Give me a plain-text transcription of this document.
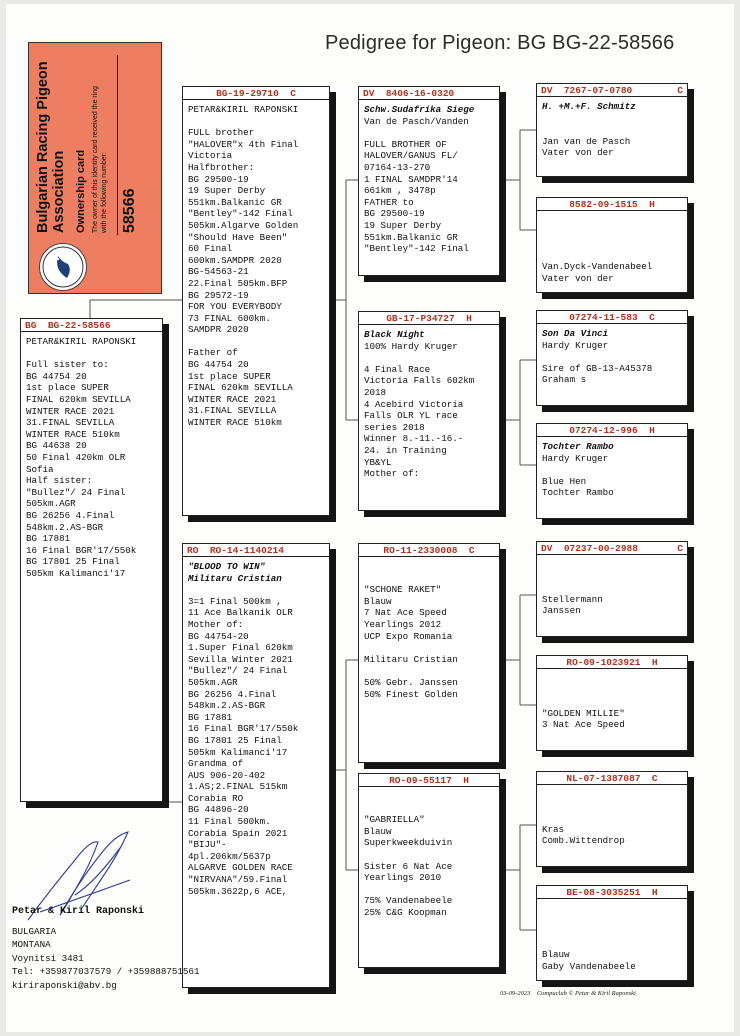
Pedigree for Pigeon: BG BG-22-58566
Bulgarian Racing Pigeon Association Ownership card The owner of this identity card received the ring with the following number: 58566
BG BG-22-58566
PETAR&KIRIL RAPONSKI
Full sister to:
BG 44754 20
1st place SUPER
FINAL 620km SEVILLA
WINTER RACE 2021
31.FINAL SEVILLA
WINTER RACE 510km
BG 44638 20
50 Final 420km OLR
Sofia
Half sister:
"Bullez"/ 24 Final
505km.AGR
BG 26256 4.Final
548km.2.AS-BGR
BG 17881
16 Final BGR'17/550k
BG 17801 25 Final
505km Kalimanci'17
BG-19-29710 C
PETAR&KIRIL RAPONSKI
FULL brother
"HALOVER"x 4th Final
Victoria
Halfbrother:
BG 29500-19
19 Super Derby
551km.Balkanic GR
"Bentley"-142 Final
505km.Algarve Golden
"Should Have Been"
60 Final
600km.SAMDPR 2020
BG-54563-21
22.Final 505km.BFP
BG 29572-19
FOR YOU EVERYBODY
73 FINAL 600km.
SAMDPR 2020
Father of
BG 44754 20
1st place SUPER
FINAL 620km SEVILLA
WINTER RACE 2021
31.FINAL SEVILLA
WINTER RACE 510km
RO RO-14-1140214
"BLOOD TO WIN"
Militaru Cristian
3=1 Final 500km ,
11 Ace Balkanik OLR
Mother of:
BG 44754-20
1.Super Final 620km
Sevilla Winter 2021
"Bullez"/ 24 Final
505km.AGR
BG 26256 4.Final
548km.2.AS-BGR
BG 17881
16 Final BGR'17/550k
BG 17801 25 Final
505km Kalimanci'17
Grandma of
AUS 906-20-402
1.AS;2.FINAL 515km
Corabia RO
BG 44896-20
11 Final 500km.
Corabia Spain 2021
"BIJU"-
4pl.206km/5637p
ALGARVE GOLDEN RACE
"NIRVANA"/59.Final
505km.3622p,6 ACE,
DV 8406-16-0320
Schw.Sudafrika Siege
Van de Pasch/Vanden
FULL BROTHER OF
HALOVER/GANUS FL/
07164-13-270
1 FINAL SAMDPR'14
661km , 3478p
FATHER to
BG 29500-19
19 Super Derby
551km.Balkanic GR
"Bentley"-142 Final
GB-17-P34727 H
Black Night
100% Hardy Kruger
4 Final Race
Victoria Falls 602km
2018
4 Acebird Victoria
Falls OLR YL race
series 2018
Winner 8.-11.-16.-
24. in Training
YB&YL
Mother of:
RO-11-2330008 C
"SCHONE RAKET"
Blauw
7 Nat Ace Speed
Yearlings 2012
UCP Expo Romania
Militaru Cristian
50% Gebr. Janssen
50% Finest Golden
RO-09-55117 H
"GABRIELLA"
Blauw
Superkweekduivin
Sister 6 Nat Ace
Yearlings 2010
75% Vandenabeele
25% C&G Koopman
DV 7267-07-0780	C
H. +M.+F. Schmitz
Jan van de Pasch
Vater von der
8582-09-1515 H
Van.Dyck-Vandenabeel
Vater von der
07274-11-583 C
Son Da Vinci
Hardy Kruger
Sire of GB-13-A45378
Graham s
07274-12-996 H
Tochter Rambo
Hardy Kruger
Blue Hen
Tochter Rambo
DV 07237-00-2988	C
Stellermann
Janssen
RO-09-1023921 H
"GOLDEN MILLIE"
3 Nat Ace Speed
NL-07-1387087 C
Kras
Comb.Wittendrop
BE-08-3035251 H
Blauw
Gaby Vandenabeele
Petar & Kiril Raponski
BULGARIA
MONTANA
Voynitsi 3481
Tel: +359877037579 / +359888751561
kiriraponski@abv.bg
03-09-2023 Compuclub © Petar & Kiril Raponski
